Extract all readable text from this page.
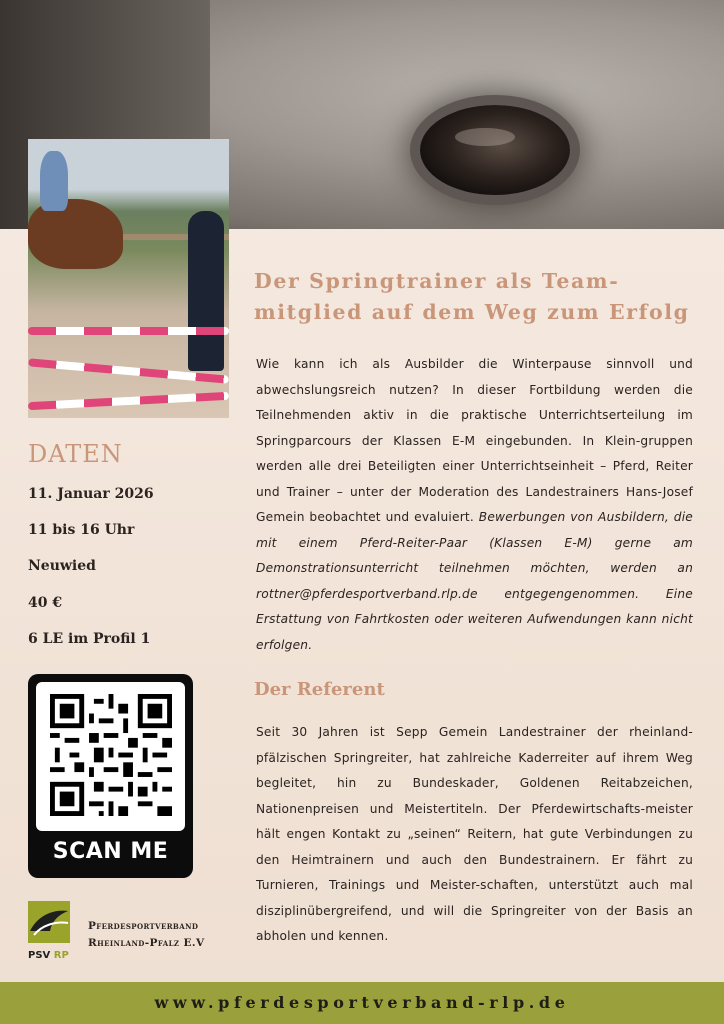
Der Springtrainer als Team-mitglied auf dem Weg zum Erfolg
Wie kann ich als Ausbilder die Winterpause sinnvoll und abwechslungsreich nutzen? In dieser Fortbildung werden die Teilnehmenden aktiv in die praktische Unterrichtserteilung im Springparcours der Klassen E-M eingebunden. In Klein-gruppen werden alle drei Beteiligten einer Unterrichtseinheit – Pferd, Reiter und Trainer – unter der Moderation des Landestrainers Hans-Josef Gemein beobachtet und evaluiert. Bewerbungen von Ausbildern, die mit einem Pferd-Reiter-Paar (Klassen E-M) gerne am Demonstrationsunterricht teilnehmen möchten, werden an rottner@pferdesportverband.rlp.de entgegengenommen. Eine Erstattung von Fahrtkosten oder weiteren Aufwendungen kann nicht erfolgen.
Der Referent
Seit 30 Jahren ist Sepp Gemein Landestrainer der rheinland-pfälzischen Springreiter, hat zahlreiche Kaderreiter auf ihrem Weg begleitet, hin zu Bundeskader, Goldenen Reitabzeichen, Nationenpreisen und Meistertiteln. Der Pferdewirtschafts-meister hält engen Kontakt zu „seinen“ Reitern, hat gute Verbindungen zu den Heimtrainern und auch den Bundestrainern. Er fährt zu Turnieren, Trainings und Meister-schaften, unterstützt auch mal disziplinübergreifend, und will die Springreiter von der Basis an abholen und kennen.
DATEN
11. Januar 2026
11 bis 16 Uhr
Neuwied
40 €
6 LE im Profil 1
SCAN ME
PSV RP
Pferdesportverband
Rheinland-Pfalz E.V
www.pferdesportverband-rlp.de
